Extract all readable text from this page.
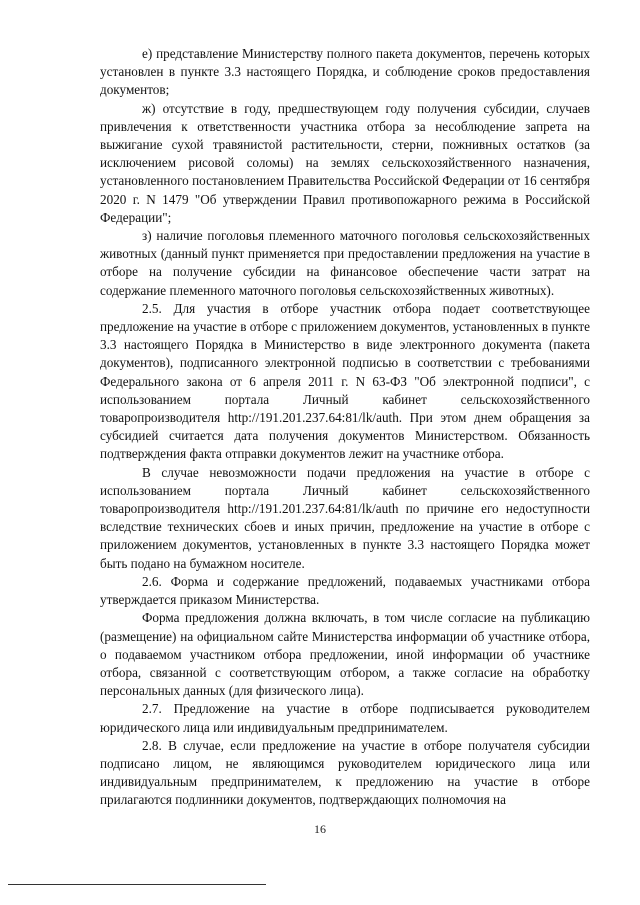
е) представление Министерству полного пакета документов, перечень которых установлен в пункте 3.3 настоящего Порядка, и соблюдение сроков предоставления документов;

ж) отсутствие в году, предшествующем году получения субсидии, случаев привлечения к ответственности участника отбора за несоблюдение запрета на выжигание сухой травянистой растительности, стерни, пожнивных остатков (за исключением рисовой соломы) на землях сельскохозяйственного назначения, установленного постановлением Правительства Российской Федерации от 16 сентября 2020 г. N 1479 "Об утверждении Правил противопожарного режима в Российской Федерации";

з) наличие поголовья племенного маточного поголовья сельскохозяйственных животных (данный пункт применяется при предоставлении предложения на участие в отборе на получение субсидии на финансовое обеспечение части затрат на содержание племенного маточного поголовья сельскохозяйственных животных).

2.5. Для участия в отборе участник отбора подает соответствующее предложение на участие в отборе с приложением документов, установленных в пункте 3.3 настоящего Порядка в Министерство в виде электронного документа (пакета документов), подписанного электронной подписью в соответствии с требованиями Федерального закона от 6 апреля 2011 г. N 63-ФЗ "Об электронной подписи", с использованием портала Личный кабинет сельскохозяйственного товаропроизводителя http://191.201.237.64:81/lk/auth. При этом днем обращения за субсидией считается дата получения документов Министерством. Обязанность подтверждения факта отправки документов лежит на участнике отбора.

В случае невозможности подачи предложения на участие в отборе с использованием портала Личный кабинет сельскохозяйственного товаропроизводителя http://191.201.237.64:81/lk/auth по причине его недоступности вследствие технических сбоев и иных причин, предложение на участие в отборе с приложением документов, установленных в пункте 3.3 настоящего Порядка может быть подано на бумажном носителе.

2.6. Форма и содержание предложений, подаваемых участниками отбора утверждается приказом Министерства.

Форма предложения должна включать, в том числе согласие на публикацию (размещение) на официальном сайте Министерства информации об участнике отбора, о подаваемом участником отбора предложении, иной информации об участнике отбора, связанной с соответствующим отбором, а также согласие на обработку персональных данных (для физического лица).

2.7. Предложение на участие в отборе подписывается руководителем юридического лица или индивидуальным предпринимателем.

2.8. В случае, если предложение на участие в отборе получателя субсидии подписано лицом, не являющимся руководителем юридического лица или индивидуальным предпринимателем, к предложению на участие в отборе прилагаются подлинники документов, подтверждающих полномочия на

16
